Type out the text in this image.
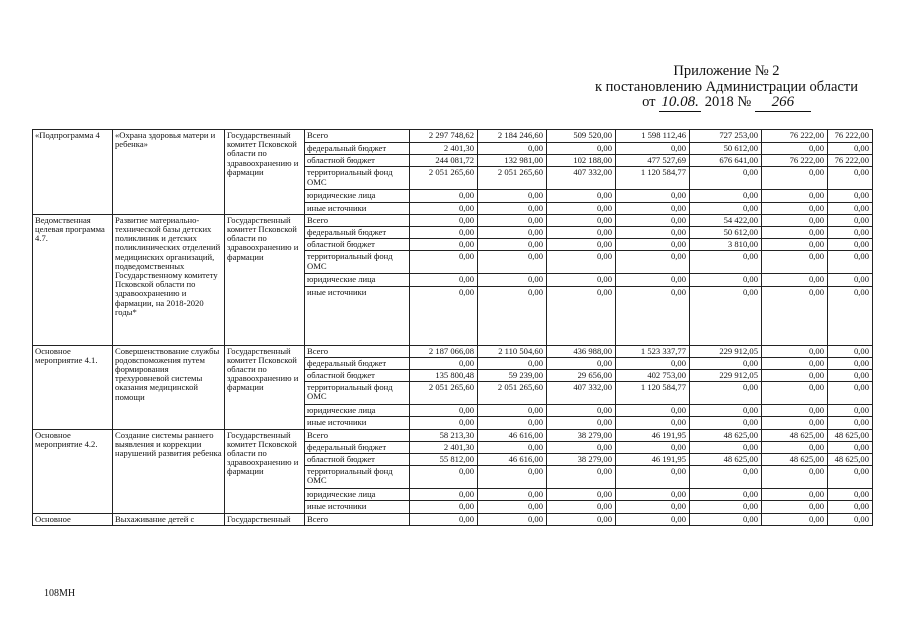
Приложение № 2
к постановлению Администрации области
от 10.08. 2018 № 266
«Подпрограмма 4	«Охрана здоровья матери и ребенка»	Государственный комитет Псковской области по здравоохранению и фармации	Всего	2 297 748,62	2 184 246,60	509 520,00	1 598 112,46	727 253,00	76 222,00	76 222,00
			федеральный бюджет	2 401,30	0,00	0,00	0,00	50 612,00	0,00	0,00
			областной бюджет	244 081,72	132 981,00	102 188,00	477 527,69	676 641,00	76 222,00	76 222,00
			территориальный фонд ОМС	2 051 265,60	2 051 265,60	407 332,00	1 120 584,77	0,00	0,00	0,00
			юридические лица	0,00	0,00	0,00	0,00	0,00	0,00	0,00
			иные источники	0,00	0,00	0,00	0,00	0,00	0,00	0,00
Ведомственная целевая программа 4.7.	Развитие материально-технической базы детских поликлиник и детских поликлинических отделений медицинских организаций, подведомственных Государственному комитету Псковской области по здравоохранению и фармации, на 2018-2020 годы*	Государственный комитет Псковской области по здравоохранению и фармации	Всего	0,00	0,00	0,00	0,00	54 422,00	0,00	0,00
			федеральный бюджет	0,00	0,00	0,00	0,00	50 612,00	0,00	0,00
			областной бюджет	0,00	0,00	0,00	0,00	3 810,00	0,00	0,00
			территориальный фонд ОМС	0,00	0,00	0,00	0,00	0,00	0,00	0,00
			юридические лица	0,00	0,00	0,00	0,00	0,00	0,00	0,00
			иные источники	0,00	0,00	0,00	0,00	0,00	0,00	0,00
Основное мероприятие 4.1.	Совершенствование службы родовспоможения путем формирования трехуровневой системы оказания медицинской помощи	Государственный комитет Псковской области по здравоохранению и фармации	Всего	2 187 066,08	2 110 504,60	436 988,00	1 523 337,77	229 912,05	0,00	0,00
			федеральный бюджет	0,00	0,00	0,00	0,00	0,00	0,00	0,00
			областной бюджет	135 800,48	59 239,00	29 656,00	402 753,00	229 912,05	0,00	0,00
			территориальный фонд ОМС	2 051 265,60	2 051 265,60	407 332,00	1 120 584,77	0,00	0,00	0,00
			юридические лица	0,00	0,00	0,00	0,00	0,00	0,00	0,00
			иные источники	0,00	0,00	0,00	0,00	0,00	0,00	0,00
Основное мероприятие 4.2.	Создание системы раннего выявления и коррекции нарушений развития ребенка	Государственный комитет Псковской области по здравоохранению и фармации	Всего	58 213,30	46 616,00	38 279,00	46 191,95	48 625,00	48 625,00	48 625,00
			федеральный бюджет	2 401,30	0,00	0,00	0,00	0,00	0,00	0,00
			областной бюджет	55 812,00	46 616,00	38 279,00	46 191,95	48 625,00	48 625,00	48 625,00
			территориальный фонд ОМС	0,00	0,00	0,00	0,00	0,00	0,00	0,00
			юридические лица	0,00	0,00	0,00	0,00	0,00	0,00	0,00
			иные источники	0,00	0,00	0,00	0,00	0,00	0,00	0,00
Основное	Выхаживание детей с	Государственный	Всего	0,00	0,00	0,00	0,00	0,00	0,00	0,00
108МН
